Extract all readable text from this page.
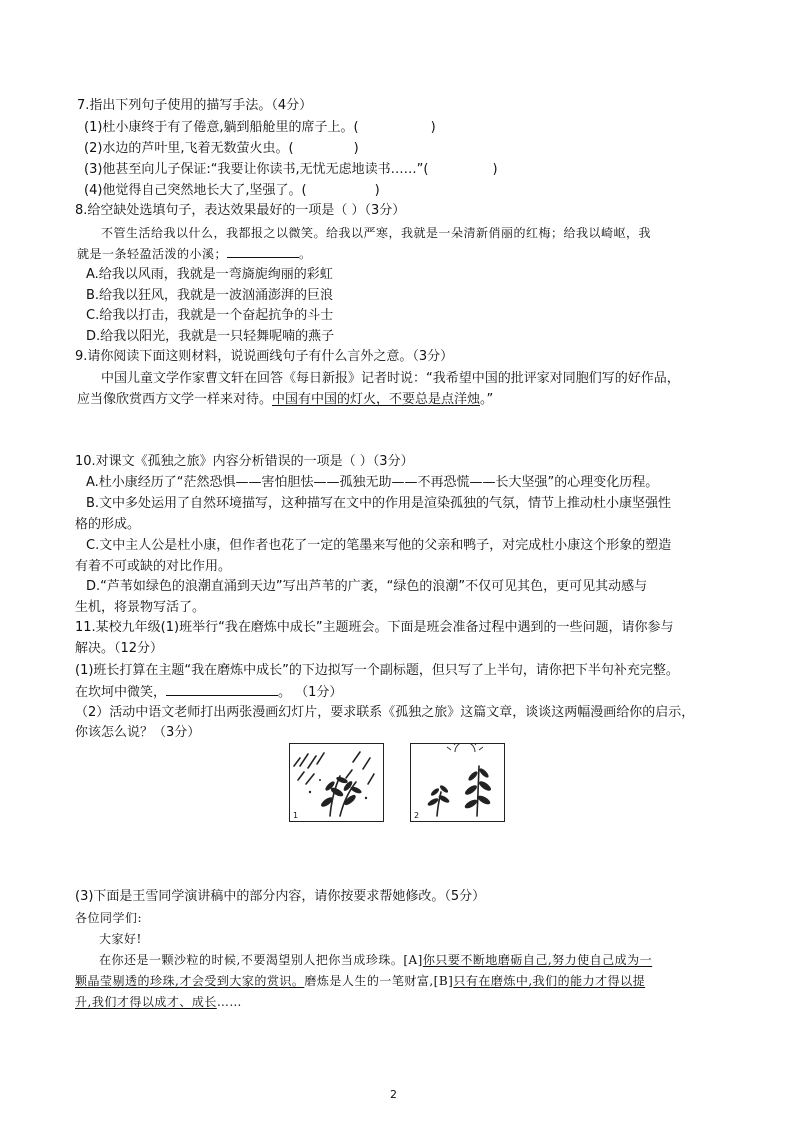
7.指出下列句子使用的描写手法。（4分）
(1)杜小康终于有了倦意,躺到船舱里的席子上。(	)
(2)水边的芦叶里,飞着无数萤火虫。(	)
(3)他甚至向儿子保证:“我要让你读书,无忧无虑地读书……”(	)
(4)他觉得自己突然地长大了,坚强了。(	)
8.给空缺处选填句子，表达效果最好的一项是（ ）（3分）
不管生活给我以什么，我都报之以微笑。给我以严寒，我就是一朵清新俏丽的红梅；给我以崎岖，我
就是一条轻盈活泼的小溪；	。
A.给我以风雨，我就是一弯旖旎绚丽的彩虹
B.给我以狂风，我就是一波汹涌澎湃的巨浪
C.给我以打击，我就是一个奋起抗争的斗士
D.给我以阳光，我就是一只轻舞呢喃的燕子
9.请你阅读下面这则材料，说说画线句子有什么言外之意。（3分）
中国儿童文学作家曹文轩在回答《每日新报》记者时说：“我希望中国的批评家对同胞们写的好作品，
应当像欣赏西方文学一样来对待。中国有中国的灯火，不要总是点洋烛。”
10.对课文《孤独之旅》内容分析错误的一项是（ ）（3分）
A.杜小康经历了“茫然恐惧——害怕胆怯——孤独无助——不再恐慌——长大坚强”的心理变化历程。
B.文中多处运用了自然环境描写，这种描写在文中的作用是渲染孤独的气氛，情节上推动杜小康坚强性
格的形成。
C.文中主人公是杜小康，但作者也花了一定的笔墨来写他的父亲和鸭子，对完成杜小康这个形象的塑造
有着不可或缺的对比作用。
D.“芦苇如绿色的浪潮直涌到天边”写出芦苇的广袤，“绿色的浪潮”不仅可见其色，更可见其动感与
生机，将景物写活了。
11.某校九年级(1)班举行“我在磨炼中成长”主题班会。下面是班会准备过程中遇到的一些问题，请你参与
解决。（12分）
(1)班长打算在主题“我在磨炼中成长”的下边拟写一个副标题，但只写了上半句，请你把下半句补充完整。
在坎坷中微笑，	。 （1分）
（2）活动中语文老师打出两张漫画幻灯片，要求联系《孤独之旅》这篇文章，谈谈这两幅漫画给你的启示，
你该怎么说？（3分）
1	2
(3)下面是王雪同学演讲稿中的部分内容，请你按要求帮她修改。（5分）
各位同学们:
大家好!
在你还是一颗沙粒的时候,不要渴望别人把你当成珍珠。[A]你只要不断地磨砺自己,努力使自己成为一
颗晶莹剔透的珍珠,才会受到大家的赏识。磨炼是人生的一笔财富,[B]只有在磨炼中,我们的能力才得以提
升,我们才得以成才、成长……
2
